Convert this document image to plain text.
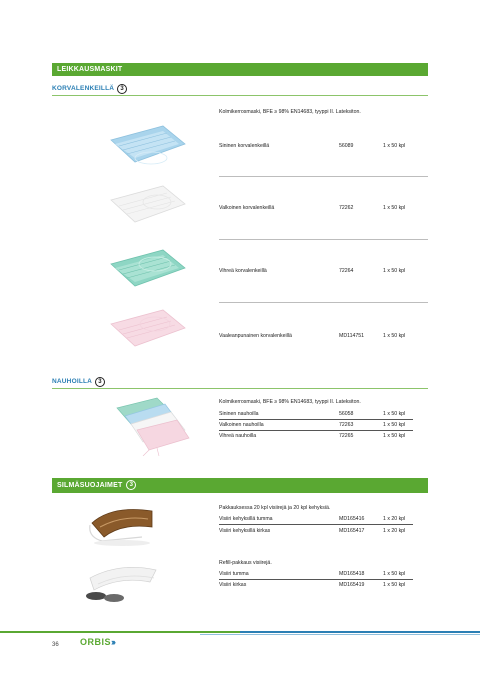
LEIKKAUSMASKIT
KORVALENKEILLÄ 3
Kolmikerrosmaski, BFE ≥ 98% EN14683, tyyppi II. Lateksiton.
Sininen korvalenkeillä	56089	1 x 50 kpl
Valkoinen korvalenkeillä	72262	1 x 50 kpl
Vihreä korvalenkeillä	72264	1 x 50 kpl
Vaaleanpunainen korvalenkeillä	MD114751	1 x 50 kpl
NAUHOILLA 3
Kolmikerrosmaski, BFE ≥ 98% EN14683, tyyppi II. Lateksiton.
Sininen nauhoilla	56058	1 x 50 kpl
Valkoinen nauhoilla	72263	1 x 50 kpl
Vihreä nauhoilla	72265	1 x 50 kpl
SILMÄSUOJAIMET 3
Pakkauksessa 20 kpl visiirejä ja 20 kpl kehyksiä.
Visiiri kehyksillä tumma	MD165416	1 x 20 kpl
Visiiri kehyksillä kirkas	MD165417	1 x 20 kpl
Refill-pakkaus visiirejä.
Visiiri tumma	MD165418	1 x 50 kpl
Visiiri kirkas	MD165419	1 x 50 kpl
36 ORBIS›››
